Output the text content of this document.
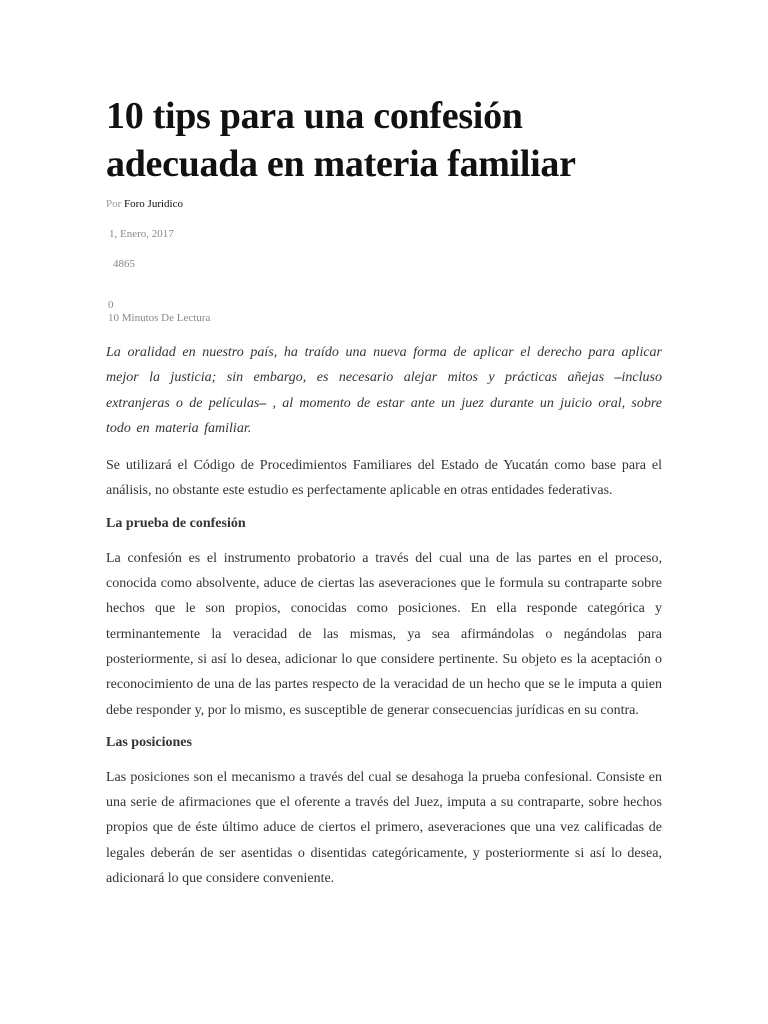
10 tips para una confesión adecuada en materia familiar
Por Foro Juridico
1, Enero, 2017
4865
0
10 Minutos De Lectura

La oralidad en nuestro país, ha traído una nueva forma de aplicar el derecho para aplicar mejor la justicia; sin embargo, es necesario alejar mitos y prácticas añejas –incluso extranjeras o de películas– , al momento de estar ante un juez durante un juicio oral, sobre todo en materia familiar.

Se utilizará el Código de Procedimientos Familiares del Estado de Yucatán como base para el análisis, no obstante este estudio es perfectamente aplicable en otras entidades federativas.

La prueba de confesión

La confesión es el instrumento probatorio a través del cual una de las partes en el proceso, conocida como absolvente, aduce de ciertas las aseveraciones que le formula su contraparte sobre hechos que le son propios, conocidas como posiciones. En ella responde categórica y terminantemente la veracidad de las mismas, ya sea afirmándolas o negándolas para posteriormente, si así lo desea, adicionar lo que considere pertinente. Su objeto es la aceptación o reconocimiento de una de las partes respecto de la veracidad de un hecho que se le imputa a quien debe responder y, por lo mismo, es susceptible de generar consecuencias jurídicas en su contra.

Las posiciones

Las posiciones son el mecanismo a través del cual se desahoga la prueba confesional. Consiste en una serie de afirmaciones que el oferente a través del Juez, imputa a su contraparte, sobre hechos propios que de éste último aduce de ciertos el primero, aseveraciones que una vez calificadas de legales deberán de ser asentidas o disentidas categóricamente, y posteriormente si así lo desea, adicionará lo que considere conveniente.
